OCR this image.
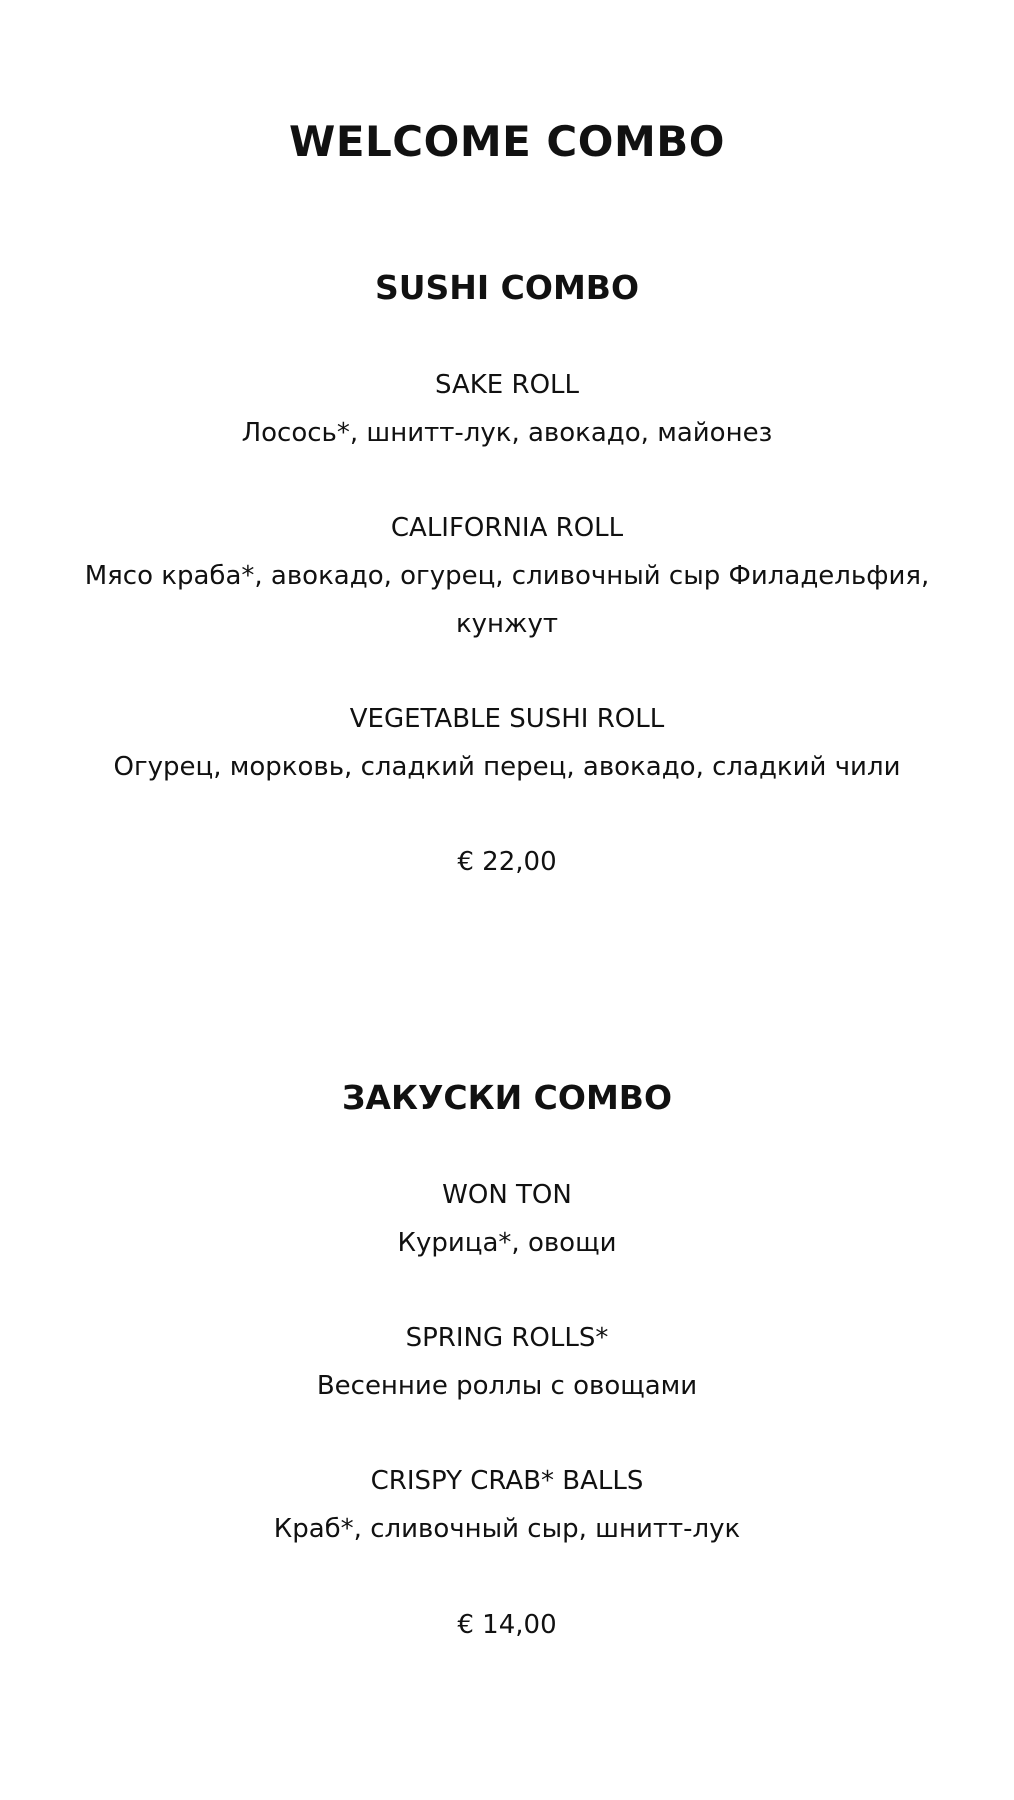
WELCOME COMBO
SUSHI COMBO

SAKE ROLL

Лосось*, шнитт-лук, авокадо, майонез

CALIFORNIA ROLL

Мясо краба*, авокадо, огурец, сливочный сыр Филадельфия,

кунжут

VEGETABLE SUSHI ROLL

Огурец, морковь, сладкий перец, авокадо, сладкий чили

€ 22,00

ЗАКУСКИ COMBO

WON TON

Курица*, овощи

SPRING ROLLS*

Весенние роллы с овощами

CRISPY CRAB* BALLS

Краб*, сливочный сыр, шнитт-лук

€ 14,00
